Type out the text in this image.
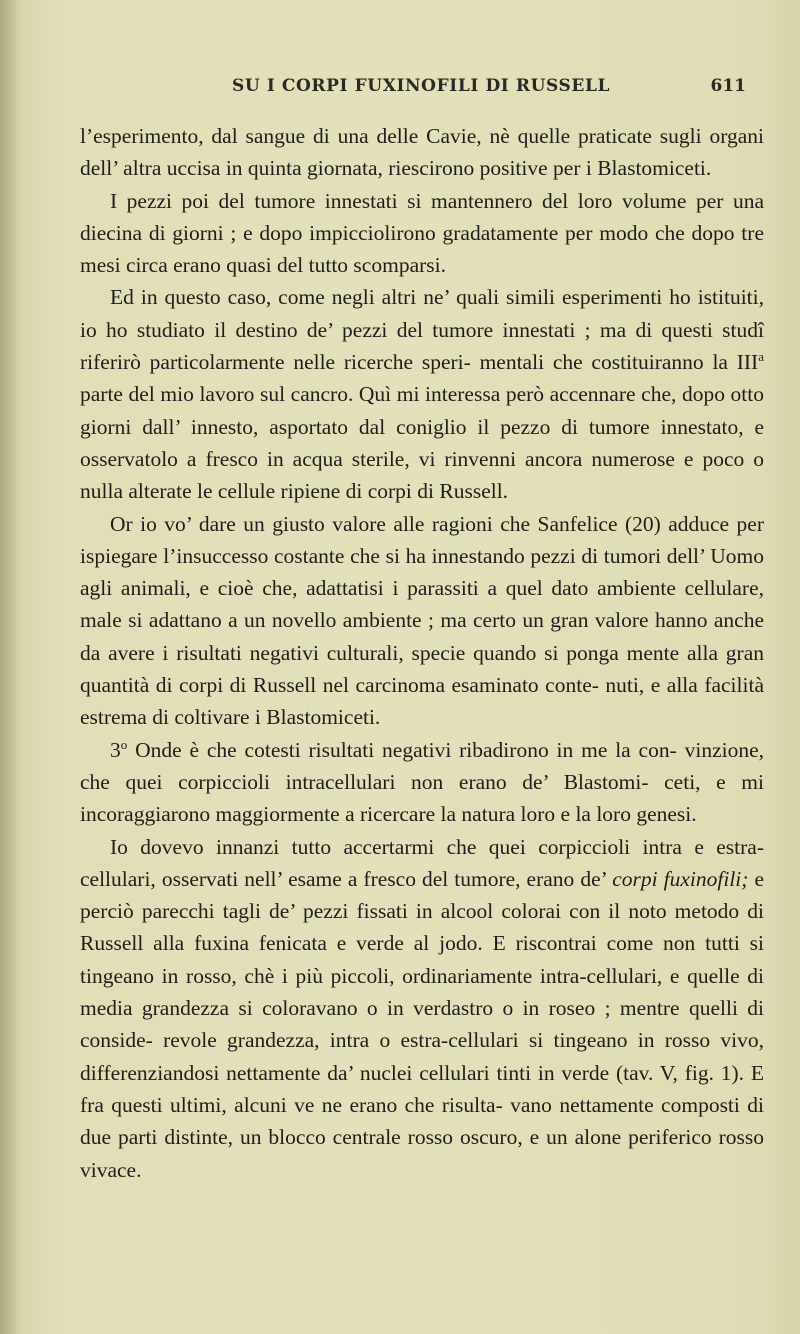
SU I CORPI FUXINOFILI DI RUSSELL	611

l’esperimento, dal sangue di una delle Cavie, nè quelle praticate sugli organi dell’ altra uccisa in quinta giornata, riescirono positive per i Blastomiceti.

I pezzi poi del tumore innestati si mantennero del loro volume per una diecina di giorni ; e dopo impicciolirono gradatamente per modo che dopo tre mesi circa erano quasi del tutto scomparsi.

Ed in questo caso, come negli altri ne’ quali simili esperimenti ho istituiti, io ho studiato il destino de’ pezzi del tumore innestati ; ma di questi studî riferirò particolarmente nelle ricerche speri- mentali che costituiranno la III$^a$ parte del mio lavoro sul cancro. Quì mi interessa però accennare che, dopo otto giorni dall’ innesto, asportato dal coniglio il pezzo di tumore innestato, e osservatolo a fresco in acqua sterile, vi rinvenni ancora numerose e poco o nulla alterate le cellule ripiene di corpi di Russell.

Or io vo’ dare un giusto valore alle ragioni che Sanfelice (20) adduce per ispiegare l’insuccesso costante che si ha innestando pezzi di tumori dell’ Uomo agli animali, e cioè che, adattatisi i parassiti a quel dato ambiente cellulare, male si adattano a un novello ambiente ; ma certo un gran valore hanno anche da avere i risultati negativi culturali, specie quando si ponga mente alla gran quantità di corpi di Russell nel carcinoma esaminato conte- nuti, e alla facilità estrema di coltivare i Blastomiceti.

3$^o$ Onde è che cotesti risultati negativi ribadirono in me la con- vinzione, che quei corpiccioli intracellulari non erano de’ Blastomi- ceti, e mi incoraggiarono maggiormente a ricercare la natura loro e la loro genesi.

Io dovevo innanzi tutto accertarmi che quei corpiccioli intra e estra-cellulari, osservati nell’ esame a fresco del tumore, erano de’ corpi fuxinofili; e perciò parecchi tagli de’ pezzi fissati in alcool colorai con il noto metodo di Russell alla fuxina fenicata e verde al jodo. E riscontrai come non tutti si tingeano in rosso, chè i più piccoli, ordinariamente intra-cellulari, e quelle di media grandezza si coloravano o in verdastro o in roseo ; mentre quelli di conside- revole grandezza, intra o estra-cellulari si tingeano in rosso vivo, differenziandosi nettamente da’ nuclei cellulari tinti in verde (tav. V, fig. 1). E fra questi ultimi, alcuni ve ne erano che risulta- vano nettamente composti di due parti distinte, un blocco centrale rosso oscuro, e un alone periferico rosso vivace.
